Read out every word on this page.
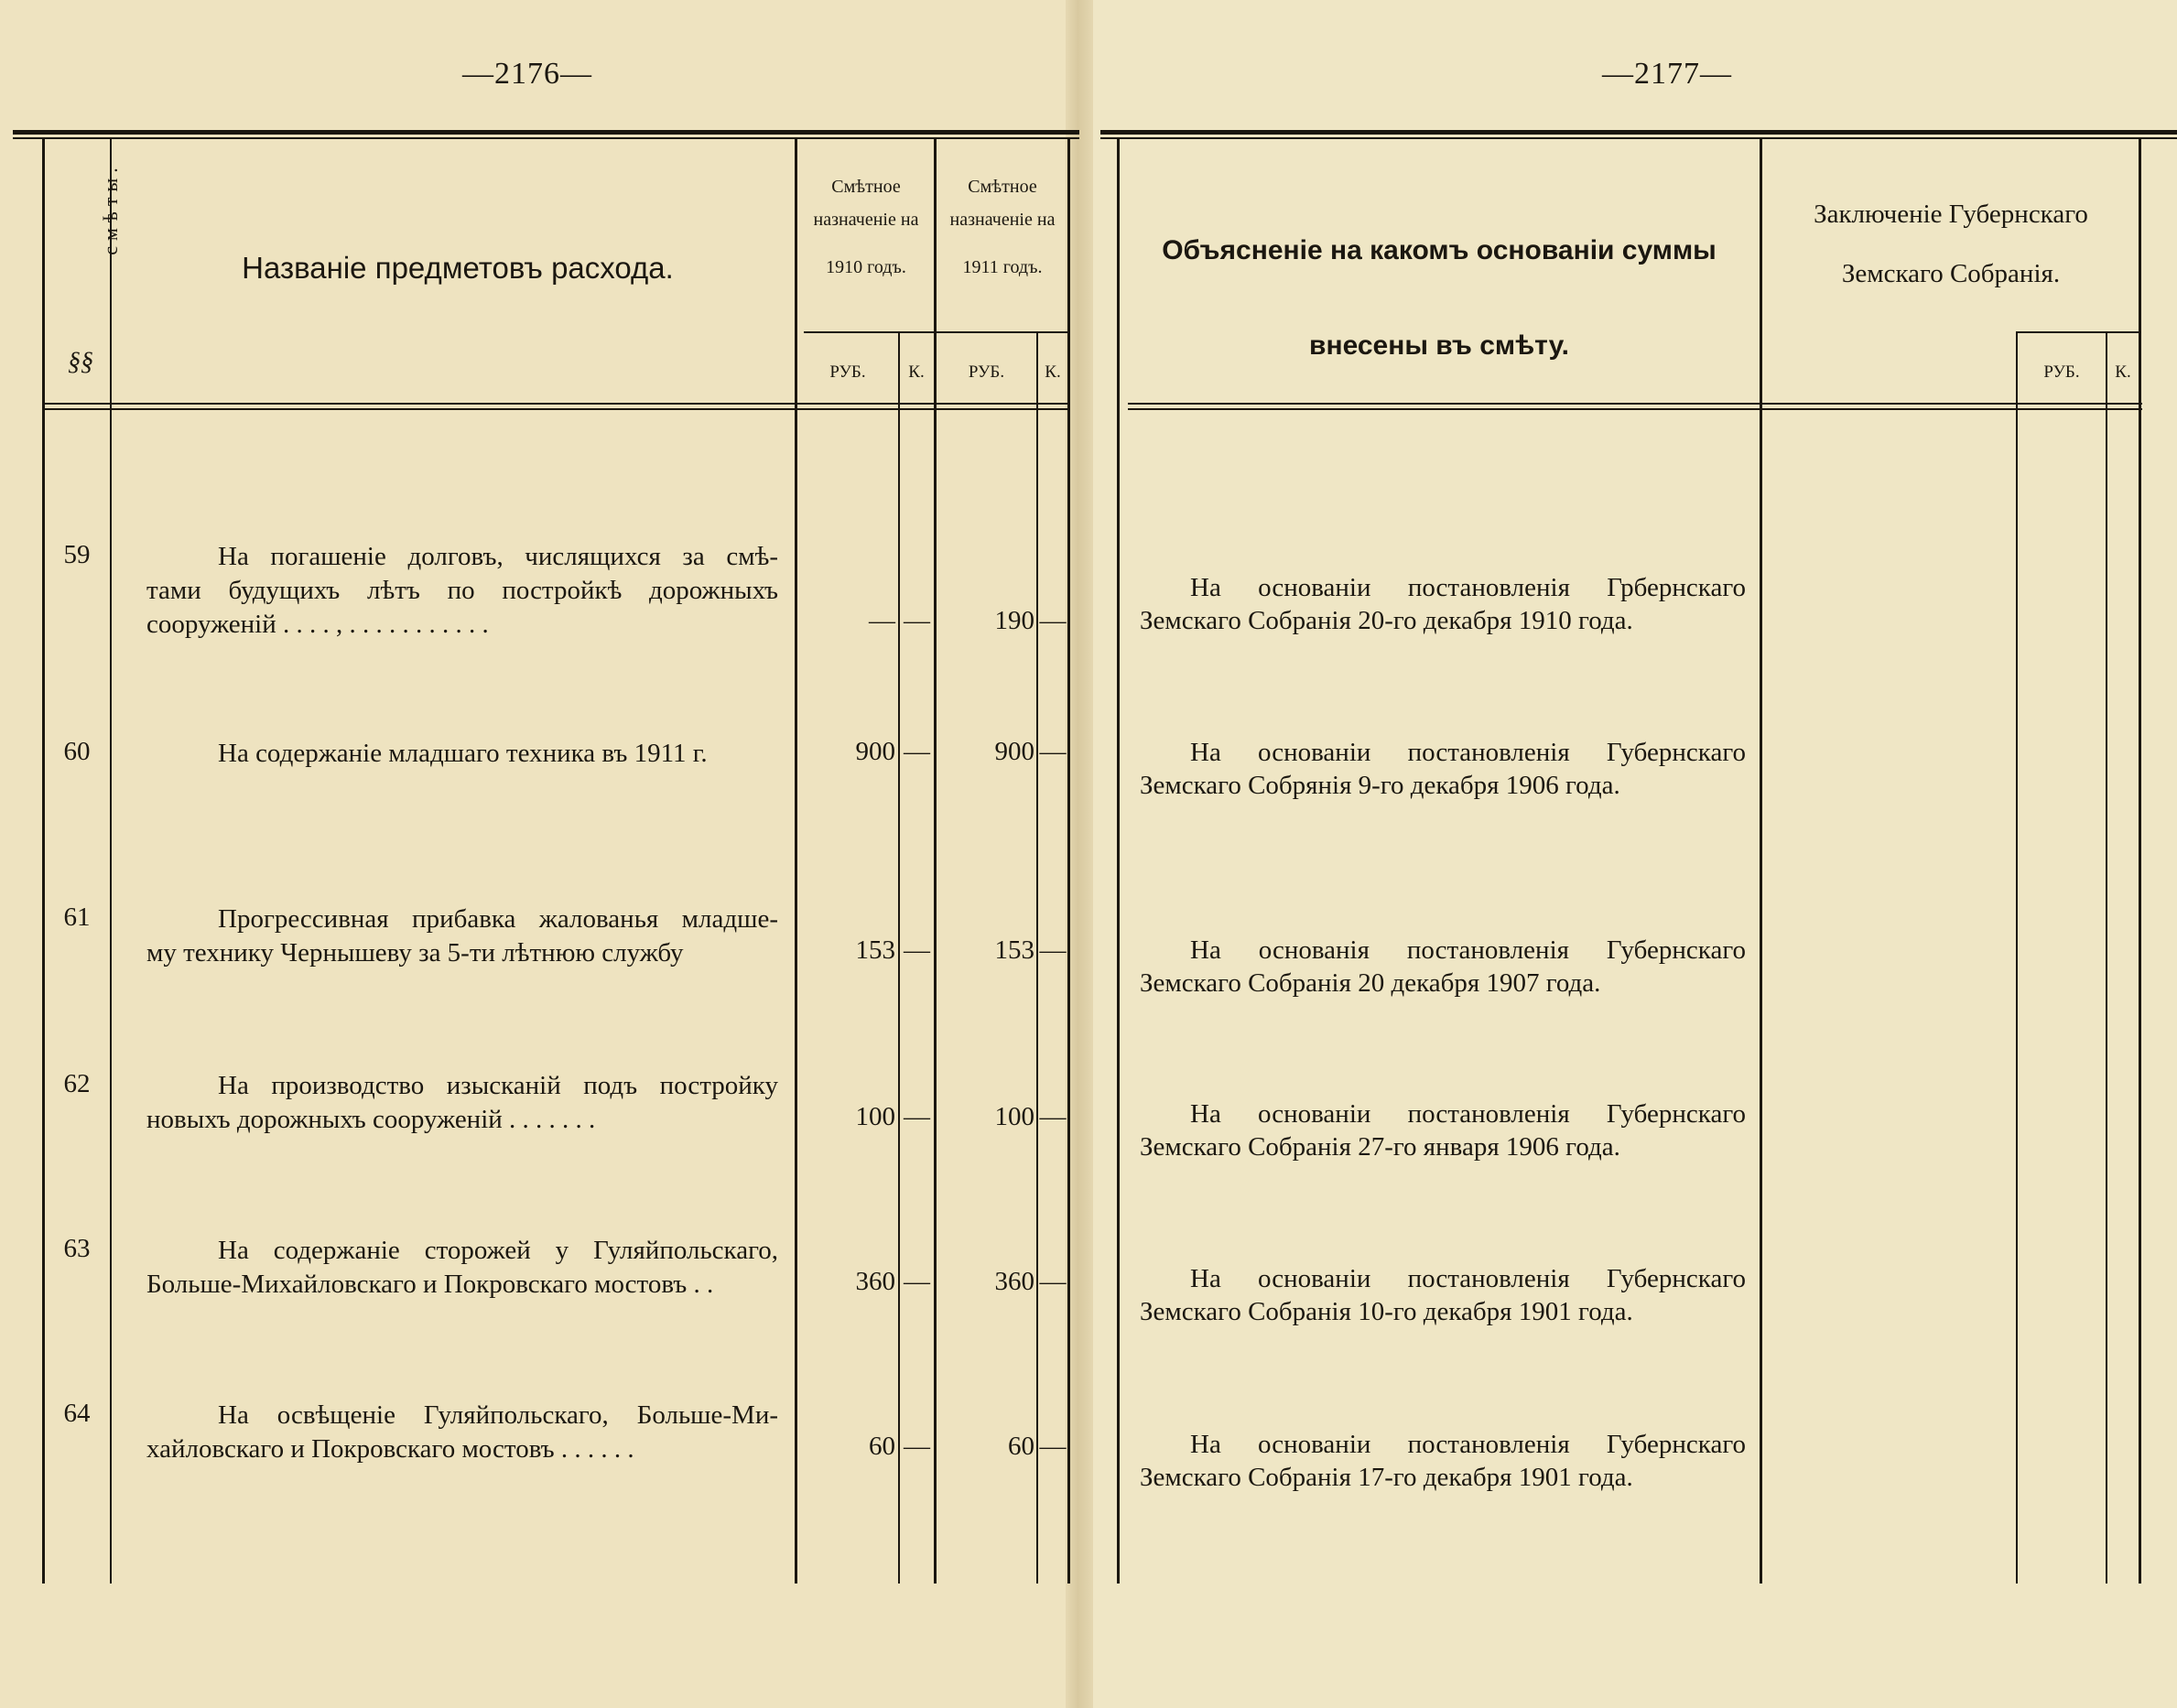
—2176—	—2177—
смѣты.
§§
Названіе предметовъ расхода.
Смѣтное
назначеніе на
1910 годъ.
Смѣтное
назначеніе на
1911 годъ.
РУБ.	К.	РУБ.	К.
Объясненіе на какомъ основаніи суммы
внесены въ смѣту.
Заключеніе Губернскаго
Земскаго Собранія.
РУБ.	К.
59	На погашеніе долговъ, числящихся за смѣ-
тами будущихъ лѣтъ по постройкѣ дорожныхъ
сооруженій . . . . , . . . . . . . . . . .	— —	190 —
На основаніи постановленія Грбернскаго
Земскаго Собранія 20-го декабря 1910 года.
60	На содержаніе младшаго техника въ 1911 г.	900 —	900 —	На основаніи постановленія Губернскаго
Земскаго Собрянія 9-го декабря 1906 года.
61	Прогрессивная прибавка жалованья младше-
му технику Чернышеву за 5-ти лѣтнюю службу	153 —	153 —	На основанія постановленія Губернскаго
Земскаго Собранія 20 декабря 1907 года.
62	На производство изысканій подъ постройку
новыхъ дорожныхъ сооруженій . . . . . . .	100 —	100 —	На основаніи постановленія Губернскаго
Земскаго Собранія 27-го января 1906 года.
63	На содержаніе сторожей у Гуляйпольскаго,
Больше-Михайловскаго и Покровскаго мостовъ . .	360 —	360 —	На основаніи постановленія Губернскаго
Земскаго Собранія 10-го декабря 1901 года.
64	На освѣщеніе Гуляйпольскаго, Больше-Ми-
хайловскаго и Покровскаго мостовъ . . . . . .	60 —	60 —	На основаніи постановленія Губернскаго
Земскаго Собранія 17-го декабря 1901 года.
